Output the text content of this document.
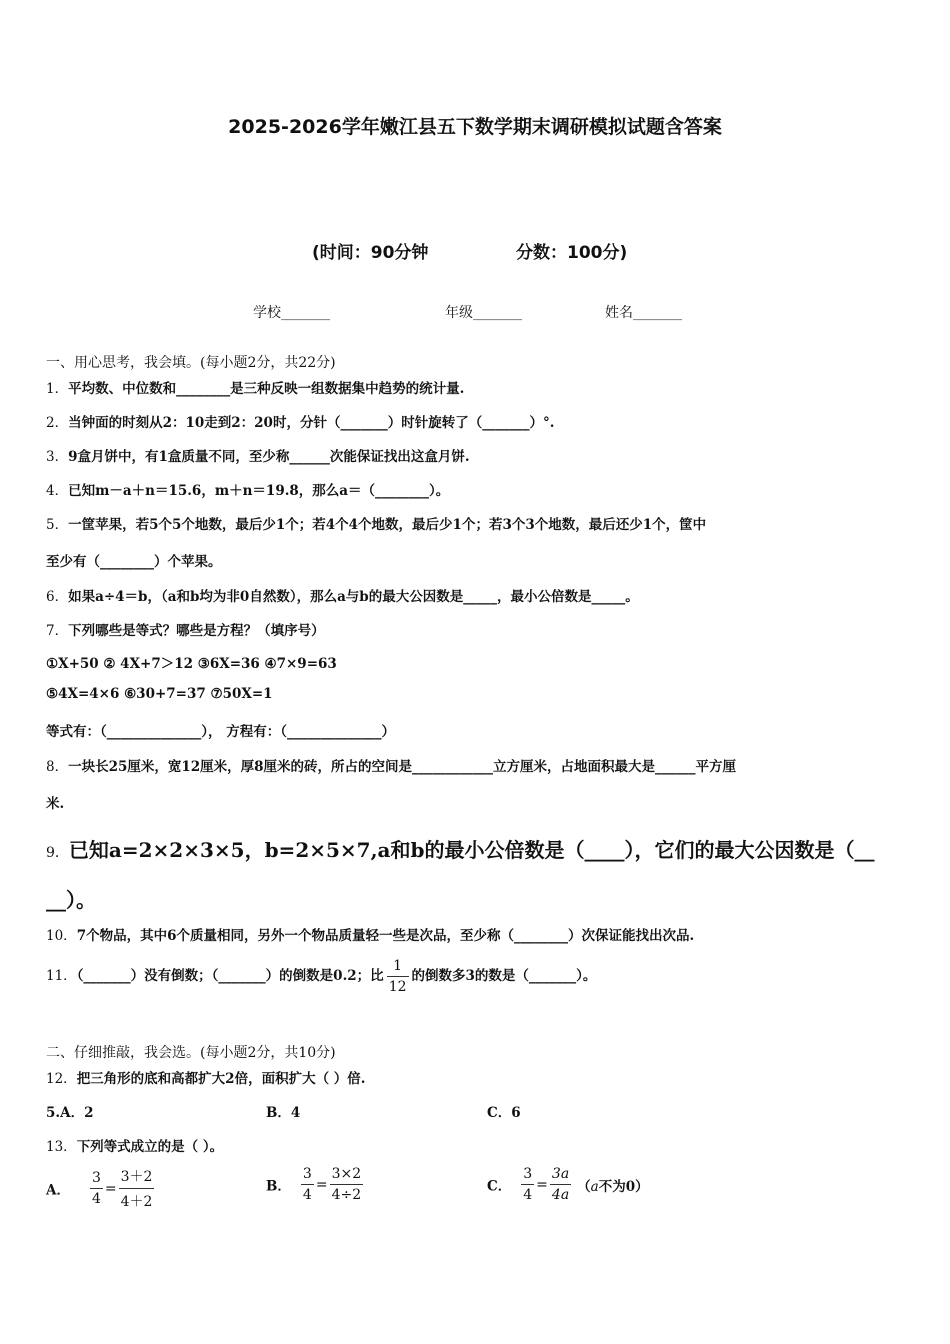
2025-2026学年嫩江县五下数学期末调研模拟试题含答案
(时间：90分钟	分数：100分)
学校_______	年级_______	姓名_______
一、用心思考，我会填。(每小题2分，共22分)
1．平均数、中位数和________是三种反映一组数据集中趋势的统计量.
2．当钟面的时刻从2：10走到2：20时，分针（_______）时针旋转了（_______）°.
3．9盒月饼中，有1盒质量不同，至少称______次能保证找出这盒月饼.
4．已知m－a＋n＝15.6，m＋n＝19.8，那么a＝（________）。
5．一筐苹果，若5个5个地数，最后少1个；若4个4个地数，最后少1个；若3个3个地数，最后还少1个，筐中
至少有（________）个苹果。
6．如果a÷4＝b，（a和b均为非0自然数），那么a与b的最大公因数是_____，最小公倍数是_____。
7．下列哪些是等式？哪些是方程？（填序号）
①X+50 ② 4X+7＞12 ③6X=36 ④7×9=63
⑤4X=4×6 ⑥30+7=37 ⑦50X=1
等式有：（______________）， 方程有：（______________）
8．一块长25厘米，宽12厘米，厚8厘米的砖，所占的空间是____________立方厘米，占地面积最大是______平方厘
米.
9．已知a=2×2×3×5，b=2×5×7,a和b的最小公倍数是（____），它们的最大公因数是（__
__）。
10．7个物品，其中6个质量相同，另外一个物品质量轻一些是次品，至少称（________）次保证能找出次品.
11．（_______）没有倒数；（_______）的倒数是0.2；比 $\frac{1}{12}$ 的倒数多3的数是（_______）。
二、仔细推敲，我会选。(每小题2分，共10分)
12．把三角形的底和高都扩大2倍，面积扩大（ ）倍.
5.A．2	B．4	C．6
13．下列等式成立的是（ ）。
A． $\frac{3}{4} = \frac{3+2}{4+2}$	B． $\frac{3}{4} = \frac{3\times 2}{4\div 2}$	C． $\frac{3}{4} = \frac{3a}{4a} (a$不为0）
